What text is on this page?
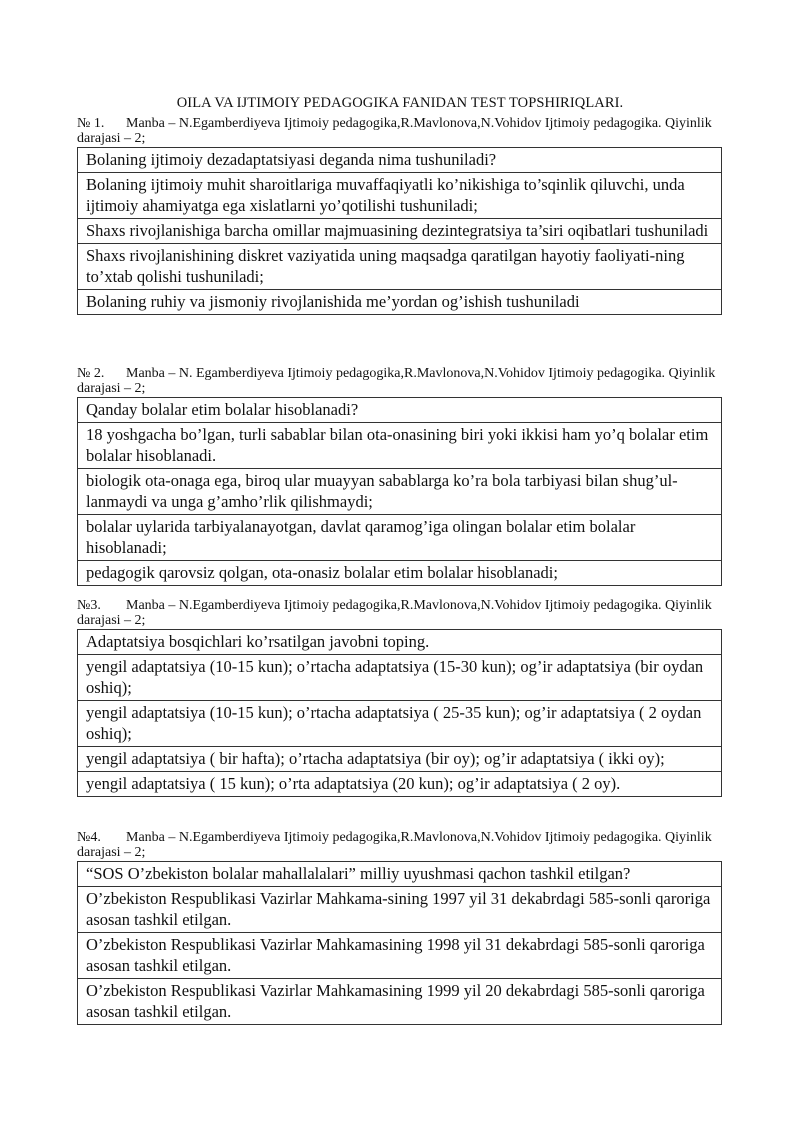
OILA VA IJTIMOIY PEDAGOGIKA FANIDAN TEST TOPSHIRIQLARI.
№ 1. Manba – N.Egamberdiyeva Ijtimoiy pedagogika,R.Mavlonova,N.Vohidov Ijtimoiy pedagogika. Qiyinlik darajasi – 2;
Bolaning ijtimoiy dezadaptatsiyasi deganda nima tushuniladi?
Bolaning ijtimoiy muhit sharoitlariga muvaffaqiyatli ko’nikishiga to’sqinlik qiluvchi, unda ijtimoiy ahamiyatga ega xislatlarni yo’qotilishi tushuniladi;
Shaxs rivojlanishiga barcha omillar majmuasining dezintegratsiya ta’siri oqibatlari tushuniladi
Shaxs rivojlanishining diskret vaziyatida uning maqsadga qaratilgan hayotiy faoliyati-ning to’xtab qolishi tushuniladi;
Bolaning ruhiy va jismoniy rivojlanishida me’yordan og’ishish tushuniladi
№ 2. Manba – N. Egamberdiyeva Ijtimoiy pedagogika,R.Mavlonova,N.Vohidov Ijtimoiy pedagogika. Qiyinlik darajasi – 2;
Qanday bolalar etim bolalar hisoblanadi?
18 yoshgacha bo’lgan, turli sabablar bilan ota-onasining biri yoki ikkisi ham yo’q bolalar etim bolalar hisoblanadi.
biologik ota-onaga ega, biroq ular muayyan sabablarga ko’ra bola tarbiyasi bilan shug’ul-lanmaydi va unga g’amho’rlik qilishmaydi;
bolalar uylarida tarbiyalanayotgan, davlat qaramog’iga olingan bolalar etim bolalar hisoblanadi;
pedagogik qarovsiz qolgan, ota-onasiz bolalar etim bolalar hisoblanadi;
№3. Manba – N.Egamberdiyeva Ijtimoiy pedagogika,R.Mavlonova,N.Vohidov Ijtimoiy pedagogika. Qiyinlik darajasi – 2;
Adaptatsiya bosqichlari ko’rsatilgan javobni toping.
yengil adaptatsiya (10-15 kun); o’rtacha adaptatsiya (15-30 kun); og’ir adaptatsiya (bir oydan oshiq);
yengil adaptatsiya (10-15 kun); o’rtacha adaptatsiya ( 25-35 kun); og’ir adaptatsiya ( 2 oydan oshiq);
yengil adaptatsiya ( bir hafta); o’rtacha adaptatsiya (bir oy); og’ir adaptatsiya ( ikki oy);
yengil adaptatsiya ( 15 kun); o’rta adaptatsiya (20 kun); og’ir adaptatsiya ( 2 oy).
№4. Manba – N.Egamberdiyeva Ijtimoiy pedagogika,R.Mavlonova,N.Vohidov Ijtimoiy pedagogika. Qiyinlik darajasi – 2;
“SOS O’zbekiston bolalar mahallalalari” milliy uyushmasi qachon tashkil etilgan?
O’zbekiston Respublikasi Vazirlar Mahkama-sining 1997 yil 31 dekabrdagi 585-sonli qaroriga asosan tashkil etilgan.
O’zbekiston Respublikasi Vazirlar Mahkamasining 1998 yil 31 dekabrdagi 585-sonli qaroriga asosan tashkil etilgan.
O’zbekiston Respublikasi Vazirlar Mahkamasining 1999 yil 20 dekabrdagi 585-sonli qaroriga asosan tashkil etilgan.
